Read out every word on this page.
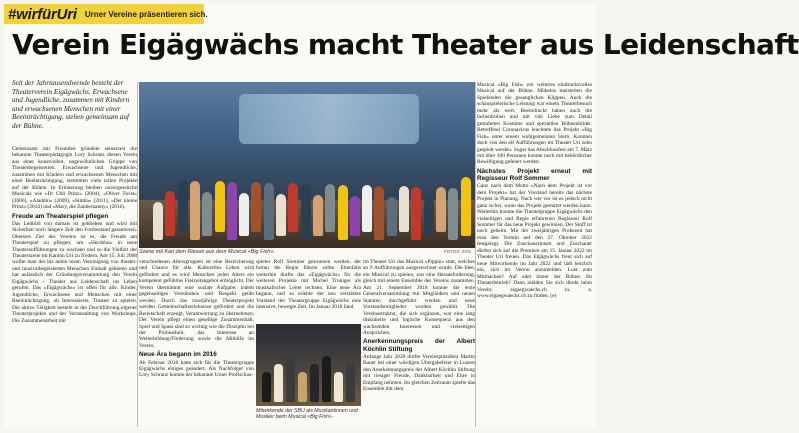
#wirfürUri Urner Vereine präsentieren sich.
Verein Eigägwächs macht Theater aus Leidenschaft
Seit der Jahrtausendwende besteht der Theaterverein Eigägwächs. Erwachsene und Jugendliche, zusammen mit Kindern und erwachsenen Menschen mit einer Beeinträchtigung, stehen gemeinsam auf der Bühne.

Gemeinsam mit Freunden gründete seinerzeit die bekannte Theaterpädagogin Lory Schranz diesen Verein aus einer kunstvollen, ungewöhnlichen Gruppe von Theaterbegeisterten. Erwachsene und Jugendliche, zusammen mit Kindern und erwachsenen Menschen mit einer Beeinträchtigung, stemmten viele tollen Projekte auf der Bühne. In Erinnerung bleiben unvergessliche Musicals wie «Dr Chli Prinz» (2004), «Oliver Twist» (2006), «Aladdin» (2009), «Simba» (2011), «Der kleine Prinz» (2014) und «Mary, die Zaubernanny» (2016).

Freude am Theaterspiel pflegen

Das Leitbild von damals ist geblieben und wird mit Sicherheit noch längere Zeit den Fortbestand garantieren. Oberstes Ziel des Vereins ist es, die Freude am Theaterspiel zu pflegen, um «Herzblut» in neue Theateraufführungen zu wachsen und so die Vielfalt der Theaterszene im Kanton Uri zu fördern. Am 15. Juli 2008 wollte man der bis anhin losen Vereinigung von theater- und musicalbegeisterten Menschen Einhalt gebieten und hat anlässlich der Gründungsversammlung den Verein Eigägwächs – Theater aus Leidenschaft ins Leben gerufen. Das «Eigägwächs» ist offen für alle. Kinder, Jugendliche, Erwachsene und Menschen mit einer Beeinträchtigung, ob Interessierte, Theater zu spielen. Die aktive Tätigkeit besteht in der Durchführung eigener Theaterprojekte und der Veranstaltung von Workshops. Die Zusammenarbeit mit

Szene mit Karl dem Riesen aus dem Musical «Big Fish».	FOTOS: ZVG

verschiedenen Altersgruppen ist eine Bereicherung und Chance für alle. Kulturelles Leben wird gefördert und es wird Menschen jeden Alters ein kompetent geführtes Freizeitangebot ermöglicht. Der Verein übernimmt eine soziale Aufgabe, indem gegenseitiges Verständnis und Respekt geübt werden. Durch das zweijährige Theaterprojekt werden Gemeinschaftserlebnisse gefördert und die Bereitschaft erzeugt, Verantwortung zu übernehmen. Der Verein pflegt einen gesellige Zusammenhalt. Spiel und Spass sind so wichtig wie die Disziplin bei der Probearbeit, das Interesse an Weiterbildung/Förderung sowie die Mithilfe im Verein.

Neue Ära begann im 2016

Ab Februar 2016 hatte sich für die Theatergruppe Eigägwächs einiges geändert. Als Nachfolger von Lory Schranz konnte der bekannte Urner Profischau-

spieler Rolf Sommer gewonnen werden, der fortan die Regie führen sollte. Ebenfalls weiterhin durfte das «Eigägwächs» für die weiteren Projekte mit Michel Truniger als musikalischer Leiter rechnen. Eine neue Ära begann, und so erlebte der neu verstärkte Vorstand der Theatergruppe Eigägwächs eine intensive, bewegte Zeit. Im Januar 2018 fand

Mitwirkende der SBU als Musikantinnen und Musiker beim Musical «Big Fish».

im Theater Uri das Musical «Pippin» statt, welches an 9 Aufführungen ausgezeichnet wurde. Die Idee, ein Musical zu spielen, war eine Herausforderung, gleich mit einem Ensemble des Vereins zusammen. Am 21. September 2018 konnte die erste Generalversammlung mit Mitgliedern und neuen Statuten durchgeführt werden und neue Vorstandsmitglieder wurden gewählt. Die Vereinsstruktur, die sich ergänzen, war eine lang diskutierte und logische Konsequenz aus den wachsenden Interessen und vielseitigen Ansprüchen.

Anerkennungspreis der Albert Köchlin Stiftung

Anfangs Jahr 2020 durfte Vereinspräsident Martin Bauer bei einer würdigen Übergabefeier in Luzern den Anerkennungspreis der Albert Köchlin Stiftung mit riesiger Freude, Dankbarkeit und Ehre in Empfang nehmen. Im gleichen Zeitraum spielte das Ensemble mit dem

Musical «Big Fish» ein weiteres eindrucksvolles Musical auf der Bühne. Mühelos meisterten die Spielenden die gesanglichen Klippen. Auch die schauspielerische Leistung war einem Theaterbesuch mehr als wert. Beeindruckt haben auch die farbenfrohen und mit viel Liebe zum Detail gestalteten Kostüme und speziellen Bühnenbilder. Betreffend Coronavirus leuchtete das Projekt «Big Fish» unter einem wohlgemeinten Stern. Konnten doch von den elf Aufführungen im Theater Uri zehn gespielt werden. Sogar das Abschlussfest am 7. März mit über 100 Personen konnte noch mit behördlicher Bewilligung gefeiert werden.

Nächstes Projekt erneut mit Regisseur Rolf Sommer

Ganz nach dem Motto «Nach dem Projekt ist vor dem Projekt» hat der Vorstand bereits das nächste Projekt in Planung. Nach wie vor ist es jedoch nicht ganz sicher, wann das Projekt gestartet werden kann. Weiterhin konnte die Theatergruppe Eigägwächs den vielseitigen und Regie erfahrenen Regisseur Rolf Sommer für das neue Projekt gewinnen. Der Stoff ist noch geheim. Mit der zweijährigen Probezeit hat man den Termin auf den 27. Oktober 2022 festgelegt. Die Zuschauerinnen und Zuschauer dürfen sich auf die Premiere am 15. Januar 2022 im Theater Uri freuen. Das Eigägwächs freut sich auf neue Mitwirkende im Jahr 2022 und lädt herzlich ein, sich im Verein anzumelden. Lust zum Mitmachen? Auf oder hinter der Bühne. Im Theaterbetrieb? Dann melden Sie sich direkt beim Verein: eigaegwaechs.ch (u. a. www.eigaegwaechs.ch zu finden. (e)
